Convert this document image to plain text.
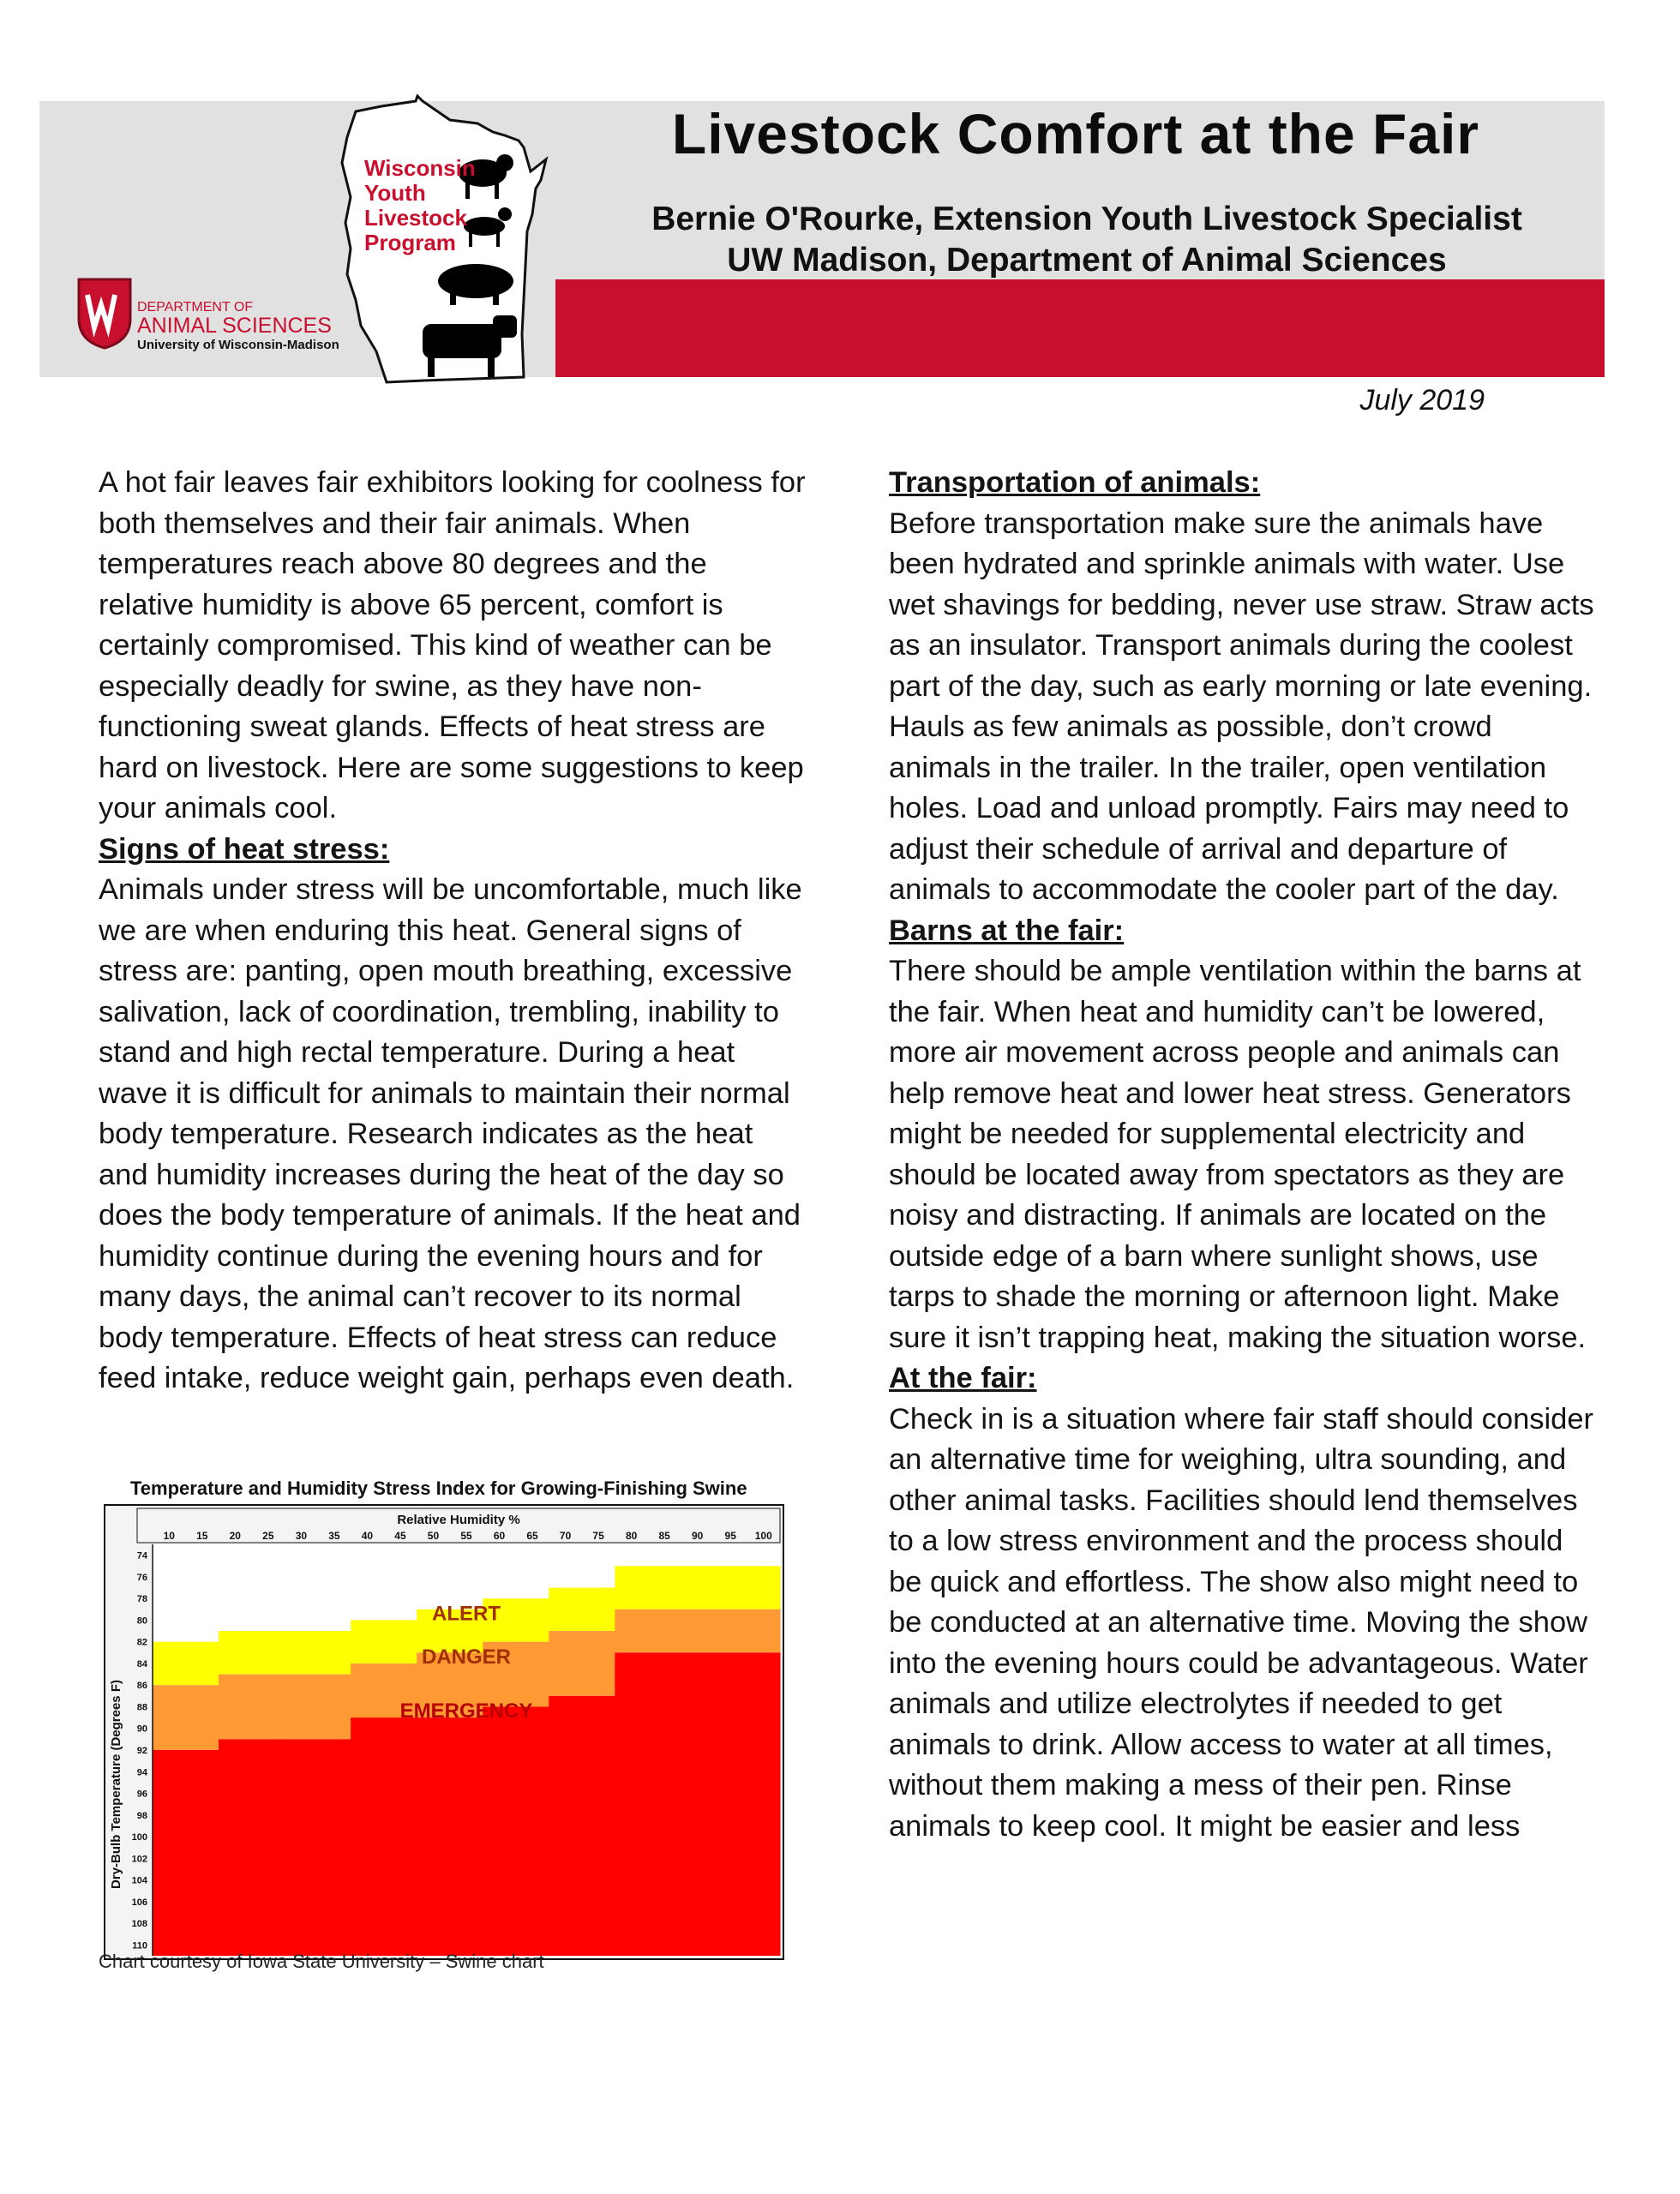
Wisconsin
Youth
Livestock
Program
DEPARTMENT OF
ANIMAL SCIENCES
University of Wisconsin-Madison
Livestock Comfort at the Fair
Bernie O'Rourke, Extension Youth Livestock Specialist
UW Madison, Department of Animal Sciences
July 2019

A hot fair leaves fair exhibitors looking for coolness for both themselves and their fair animals. When temperatures reach above 80 degrees and the relative humidity is above 65 percent, comfort is certainly compromised. This kind of weather can be especially deadly for swine, as they have non-functioning sweat glands. Effects of heat stress are hard on livestock. Here are some suggestions to keep your animals cool.

Signs of heat stress:

Animals under stress will be uncomfortable, much like we are when enduring this heat. General signs of stress are: panting, open mouth breathing, excessive salivation, lack of coordination, trembling, inability to stand and high rectal temperature. During a heat wave it is difficult for animals to maintain their normal body temperature. Research indicates as the heat and humidity increases during the heat of the day so does the body temperature of animals. If the heat and humidity continue during the evening hours and for many days, the animal can’t recover to its normal body temperature. Effects of heat stress can reduce feed intake, reduce weight gain, perhaps even death.

Temperature and Humidity Stress Index for Growing-Finishing Swine
Relative Humidity %
Dry-Bulb Temperature (Degrees F)
10 15 20 25 30 35 40 45 50 55 60 65 70 75 80 85 90 95 100
74
76
78
80
82
84
86
88
90
92
94
96
98
100
102
104
106
108
110
ALERT
DANGER
EMERGENCY
Chart courtesy of Iowa State University – Swine chart
Transportation of animals:

Before transportation make sure the animals have been hydrated and sprinkle animals with water. Use wet shavings for bedding, never use straw. Straw acts as an insulator. Transport animals during the coolest part of the day, such as early morning or late evening. Hauls as few animals as possible, don’t crowd animals in the trailer. In the trailer, open ventilation holes. Load and unload promptly. Fairs may need to adjust their schedule of arrival and departure of animals to accommodate the cooler part of the day.

Barns at the fair:

There should be ample ventilation within the barns at the fair. When heat and humidity can’t be lowered, more air movement across people and animals can help remove heat and lower heat stress. Generators might be needed for supplemental electricity and should be located away from spectators as they are noisy and distracting. If animals are located on the outside edge of a barn where sunlight shows, use tarps to shade the morning or afternoon light. Make sure it isn’t trapping heat, making the situation worse.

At the fair:

Check in is a situation where fair staff should consider an alternative time for weighing, ultra sounding, and other animal tasks. Facilities should lend themselves to a low stress environment and the process should be quick and effortless. The show also might need to be conducted at an alternative time. Moving the show into the evening hours could be advantageous. Water animals and utilize electrolytes if needed to get animals to drink. Allow access to water at all times, without them making a mess of their pen. Rinse animals to keep cool. It might be easier and less
